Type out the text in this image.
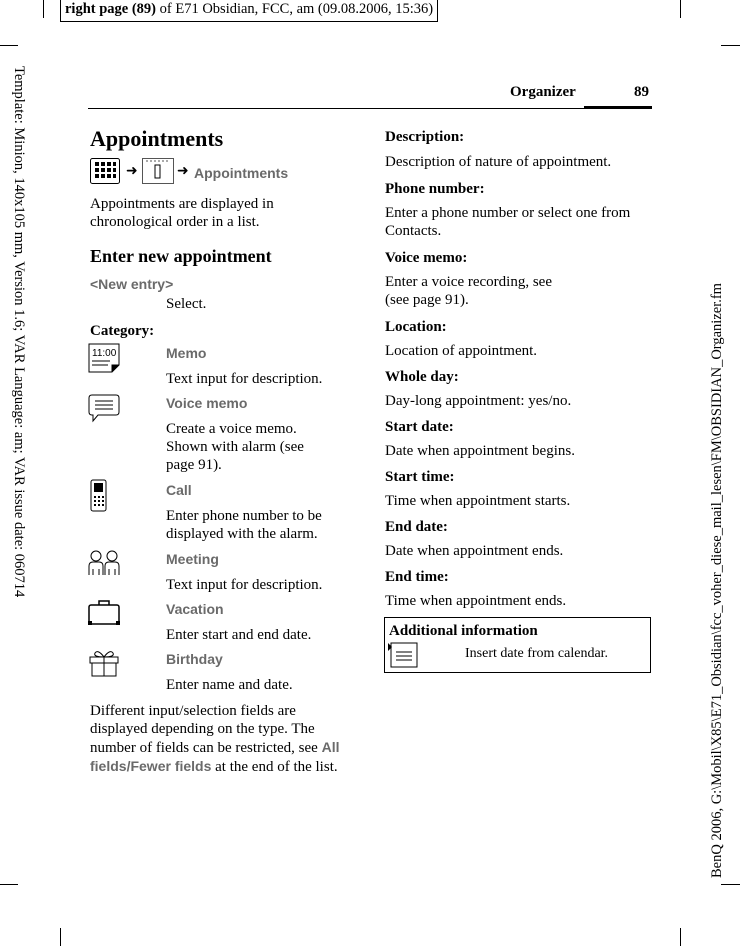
right page (89) of E71 Obsidian, FCC, am (09.08.2006, 15:36)
Template: Minion, 140x105 mm, Version 1.6; VAR Language: am; VAR issue date: 060714	BenQ 2006, G:\Mobil\X85\E71_Obsidian\fcc_voher_diese_mail_lesen\FM\OBSIDIAN_Organizer.fm
Organizer	89
Appointments
➜	➜ Appointments
Appointments are displayed in chronological order in a list.
Enter new appointment
<New entry>
Select.
Category:
11:00	Memo
Text input for description.
Voice memo
Create a voice memo. Shown with alarm (see page 91).
Call
Enter phone number to be displayed with the alarm.
Meeting
Text input for description.
Vacation
Enter start and end date.
Birthday
Enter name and date.
Different input/selection fields are displayed depending on the type. The number of fields can be restricted, see All fields/Fewer fields at the end of the list.
Description:
Description of nature of appointment.
Phone number:
Enter a phone number or select one from Contacts.
Voice memo:
Enter a voice recording, see (see page 91).
Location:
Location of appointment.
Whole day:
Day-long appointment: yes/no.
Start date:
Date when appointment begins.
Start time:
Time when appointment starts.
End date:
Date when appointment ends.
End time:
Time when appointment ends.
Additional information
Insert date from calendar.
